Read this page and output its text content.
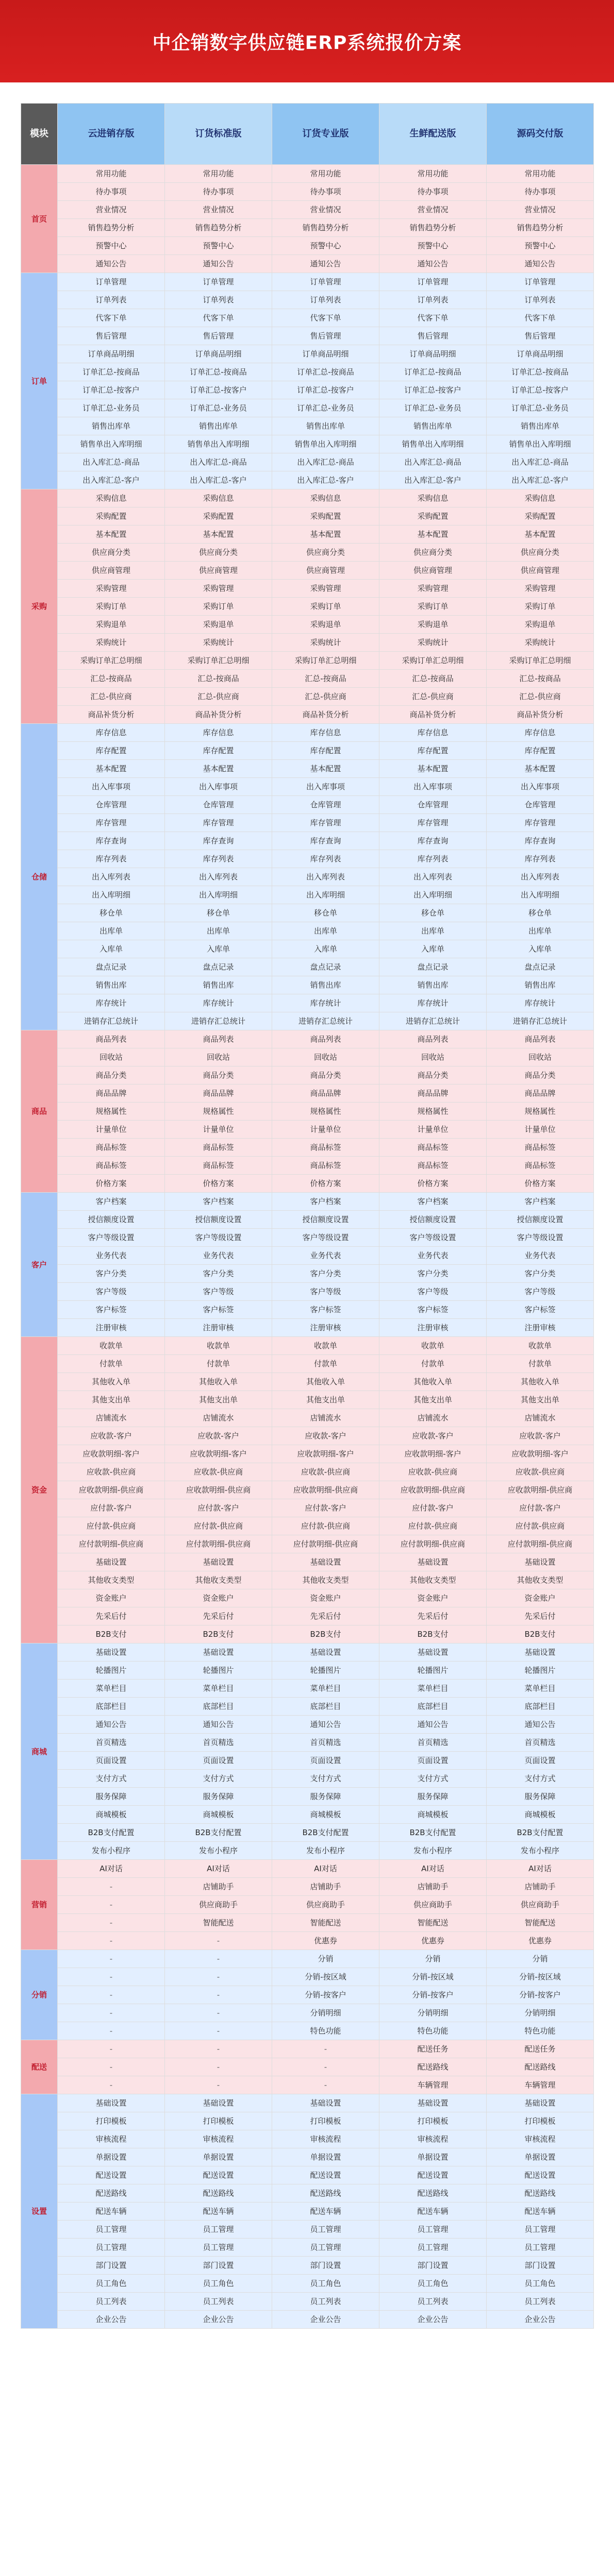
中企销数字供应链ERP系统报价方案
模块	云进销存版	订货标准版	订货专业版	生鲜配送版	源码交付版
首页	常用功能	常用功能	常用功能	常用功能	常用功能
	待办事项	待办事项	待办事项	待办事项	待办事项
	营业情况	营业情况	营业情况	营业情况	营业情况
	销售趋势分析	销售趋势分析	销售趋势分析	销售趋势分析	销售趋势分析
	预警中心	预警中心	预警中心	预警中心	预警中心
	通知公告	通知公告	通知公告	通知公告	通知公告
订单	订单管理	订单管理	订单管理	订单管理	订单管理
	订单列表	订单列表	订单列表	订单列表	订单列表
	代客下单	代客下单	代客下单	代客下单	代客下单
	售后管理	售后管理	售后管理	售后管理	售后管理
	订单商品明细	订单商品明细	订单商品明细	订单商品明细	订单商品明细
	订单汇总-按商品	订单汇总-按商品	订单汇总-按商品	订单汇总-按商品	订单汇总-按商品
	订单汇总-按客户	订单汇总-按客户	订单汇总-按客户	订单汇总-按客户	订单汇总-按客户
	订单汇总-业务员	订单汇总-业务员	订单汇总-业务员	订单汇总-业务员	订单汇总-业务员
	销售出库单	销售出库单	销售出库单	销售出库单	销售出库单
	销售单出入库明细	销售单出入库明细	销售单出入库明细	销售单出入库明细	销售单出入库明细
	出入库汇总-商品	出入库汇总-商品	出入库汇总-商品	出入库汇总-商品	出入库汇总-商品
	出入库汇总-客户	出入库汇总-客户	出入库汇总-客户	出入库汇总-客户	出入库汇总-客户
采购	采购信息	采购信息	采购信息	采购信息	采购信息
	采购配置	采购配置	采购配置	采购配置	采购配置
	基本配置	基本配置	基本配置	基本配置	基本配置
	供应商分类	供应商分类	供应商分类	供应商分类	供应商分类
	供应商管理	供应商管理	供应商管理	供应商管理	供应商管理
	采购管理	采购管理	采购管理	采购管理	采购管理
	采购订单	采购订单	采购订单	采购订单	采购订单
	采购退单	采购退单	采购退单	采购退单	采购退单
	采购统计	采购统计	采购统计	采购统计	采购统计
	采购订单汇总明细	采购订单汇总明细	采购订单汇总明细	采购订单汇总明细	采购订单汇总明细
	汇总-按商品	汇总-按商品	汇总-按商品	汇总-按商品	汇总-按商品
	汇总-供应商	汇总-供应商	汇总-供应商	汇总-供应商	汇总-供应商
	商品补货分析	商品补货分析	商品补货分析	商品补货分析	商品补货分析
仓储	库存信息	库存信息	库存信息	库存信息	库存信息
	库存配置	库存配置	库存配置	库存配置	库存配置
	基本配置	基本配置	基本配置	基本配置	基本配置
	出入库事项	出入库事项	出入库事项	出入库事项	出入库事项
	仓库管理	仓库管理	仓库管理	仓库管理	仓库管理
	库存管理	库存管理	库存管理	库存管理	库存管理
	库存查询	库存查询	库存查询	库存查询	库存查询
	库存列表	库存列表	库存列表	库存列表	库存列表
	出入库列表	出入库列表	出入库列表	出入库列表	出入库列表
	出入库明细	出入库明细	出入库明细	出入库明细	出入库明细
	移仓单	移仓单	移仓单	移仓单	移仓单
	出库单	出库单	出库单	出库单	出库单
	入库单	入库单	入库单	入库单	入库单
	盘点记录	盘点记录	盘点记录	盘点记录	盘点记录
	销售出库	销售出库	销售出库	销售出库	销售出库
	库存统计	库存统计	库存统计	库存统计	库存统计
	进销存汇总统计	进销存汇总统计	进销存汇总统计	进销存汇总统计	进销存汇总统计
商品	商品列表	商品列表	商品列表	商品列表	商品列表
	回收站	回收站	回收站	回收站	回收站
	商品分类	商品分类	商品分类	商品分类	商品分类
	商品品牌	商品品牌	商品品牌	商品品牌	商品品牌
	规格属性	规格属性	规格属性	规格属性	规格属性
	计量单位	计量单位	计量单位	计量单位	计量单位
	商品标签	商品标签	商品标签	商品标签	商品标签
	商品标签	商品标签	商品标签	商品标签	商品标签
	价格方案	价格方案	价格方案	价格方案	价格方案
客户	客户档案	客户档案	客户档案	客户档案	客户档案
	授信额度设置	授信额度设置	授信额度设置	授信额度设置	授信额度设置
	客户等级设置	客户等级设置	客户等级设置	客户等级设置	客户等级设置
	业务代表	业务代表	业务代表	业务代表	业务代表
	客户分类	客户分类	客户分类	客户分类	客户分类
	客户等级	客户等级	客户等级	客户等级	客户等级
	客户标签	客户标签	客户标签	客户标签	客户标签
	注册审核	注册审核	注册审核	注册审核	注册审核
资金	收款单	收款单	收款单	收款单	收款单
	付款单	付款单	付款单	付款单	付款单
	其他收入单	其他收入单	其他收入单	其他收入单	其他收入单
	其他支出单	其他支出单	其他支出单	其他支出单	其他支出单
	店铺流水	店铺流水	店铺流水	店铺流水	店铺流水
	应收款-客户	应收款-客户	应收款-客户	应收款-客户	应收款-客户
	应收款明细-客户	应收款明细-客户	应收款明细-客户	应收款明细-客户	应收款明细-客户
	应收款-供应商	应收款-供应商	应收款-供应商	应收款-供应商	应收款-供应商
	应收款明细-供应商	应收款明细-供应商	应收款明细-供应商	应收款明细-供应商	应收款明细-供应商
	应付款-客户	应付款-客户	应付款-客户	应付款-客户	应付款-客户
	应付款-供应商	应付款-供应商	应付款-供应商	应付款-供应商	应付款-供应商
	应付款明细-供应商	应付款明细-供应商	应付款明细-供应商	应付款明细-供应商	应付款明细-供应商
	基础设置	基础设置	基础设置	基础设置	基础设置
	其他收支类型	其他收支类型	其他收支类型	其他收支类型	其他收支类型
	资金账户	资金账户	资金账户	资金账户	资金账户
	先采后付	先采后付	先采后付	先采后付	先采后付
	B2B支付	B2B支付	B2B支付	B2B支付	B2B支付
商城	基础设置	基础设置	基础设置	基础设置	基础设置
	轮播图片	轮播图片	轮播图片	轮播图片	轮播图片
	菜单栏目	菜单栏目	菜单栏目	菜单栏目	菜单栏目
	底部栏目	底部栏目	底部栏目	底部栏目	底部栏目
	通知公告	通知公告	通知公告	通知公告	通知公告
	首页精选	首页精选	首页精选	首页精选	首页精选
	页面设置	页面设置	页面设置	页面设置	页面设置
	支付方式	支付方式	支付方式	支付方式	支付方式
	服务保障	服务保障	服务保障	服务保障	服务保障
	商城模板	商城模板	商城模板	商城模板	商城模板
	B2B支付配置	B2B支付配置	B2B支付配置	B2B支付配置	B2B支付配置
	发布小程序	发布小程序	发布小程序	发布小程序	发布小程序
营销	AI对话	AI对话	AI对话	AI对话	AI对话
	-	店铺助手	店铺助手	店铺助手	店铺助手
	-	供应商助手	供应商助手	供应商助手	供应商助手
	-	智能配送	智能配送	智能配送	智能配送
	-	-	优惠券	优惠券	优惠券
分销	-	-	分销	分销	分销
	-	-	分销-按区域	分销-按区域	分销-按区域
	-	-	分销-按客户	分销-按客户	分销-按客户
	-	-	分销明细	分销明细	分销明细
	-	-	特色功能	特色功能	特色功能
配送	-	-	-	配送任务	配送任务
	-	-	-	配送路线	配送路线
	-	-	-	车辆管理	车辆管理
设置	基础设置	基础设置	基础设置	基础设置	基础设置
	打印模板	打印模板	打印模板	打印模板	打印模板
	审核流程	审核流程	审核流程	审核流程	审核流程
	单据设置	单据设置	单据设置	单据设置	单据设置
	配送设置	配送设置	配送设置	配送设置	配送设置
	配送路线	配送路线	配送路线	配送路线	配送路线
	配送车辆	配送车辆	配送车辆	配送车辆	配送车辆
	员工管理	员工管理	员工管理	员工管理	员工管理
	员工管理	员工管理	员工管理	员工管理	员工管理
	部门设置	部门设置	部门设置	部门设置	部门设置
	员工角色	员工角色	员工角色	员工角色	员工角色
	员工列表	员工列表	员工列表	员工列表	员工列表
	企业公告	企业公告	企业公告	企业公告	企业公告
